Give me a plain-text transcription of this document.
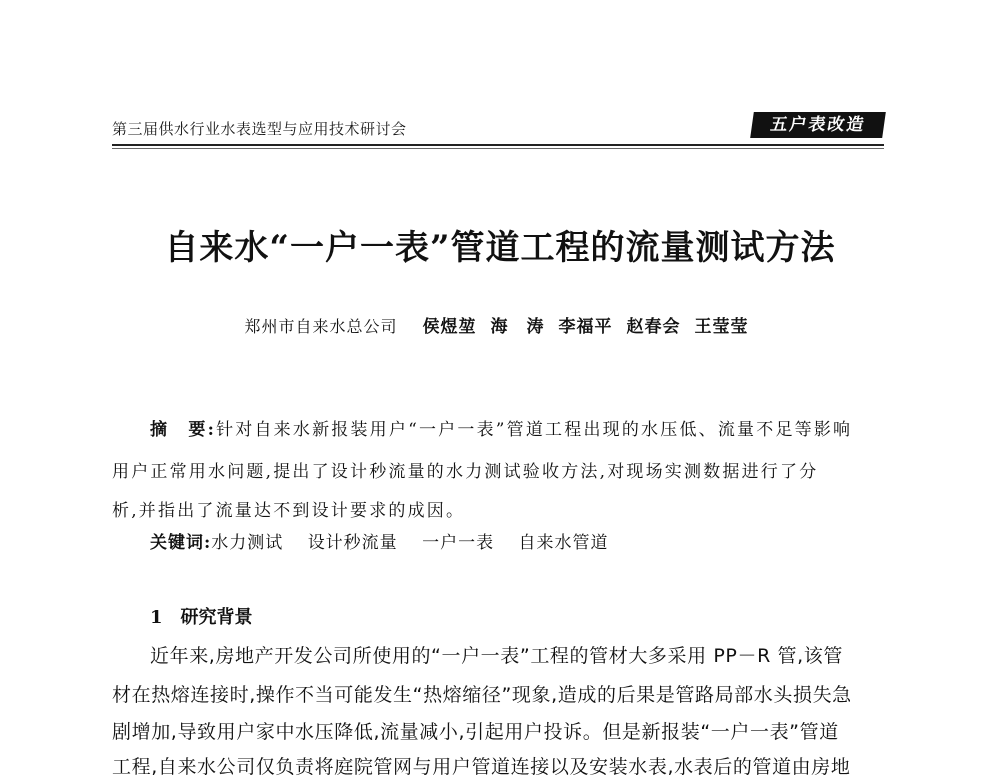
第三届供水行业水表选型与应用技术研讨会	五户表改造
自来水“一户一表”管道工程的流量测试方法
郑州市自来水总公司 侯煜堃 海　涛 李福平 赵春会 王莹莹
摘　要:针对自来水新报装用户“一户一表”管道工程出现的水压低、流量不足等影响
用户正常用水问题,提出了设计秒流量的水力测试验收方法,对现场实测数据进行了分
析,并指出了流量达不到设计要求的成因。
关键词:水力测试　 设计秒流量　 一户一表　 自来水管道
1　研究背景
近年来,房地产开发公司所使用的“一户一表”工程的管材大多采用 PP－R 管,该管
材在热熔连接时,操作不当可能发生“热熔缩径”现象,造成的后果是管路局部水头损失急
剧增加,导致用户家中水压降低,流量减小,引起用户投诉。但是新报装“一户一表”管道
工程,自来水公司仅负责将庭院管网与用户管道连接以及安装水表,水表后的管道由房地
